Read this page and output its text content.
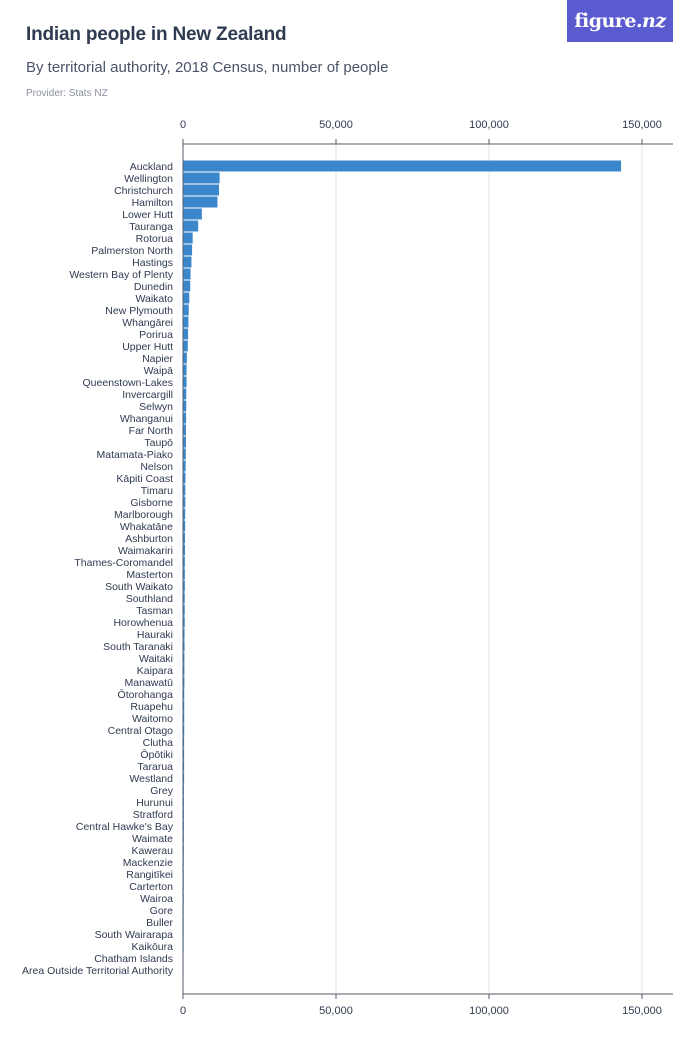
Indian people in New Zealand
By territorial authority, 2018 Census, number of people
Provider: Stats NZ
figure .nz
0
0
50,000
50,000
100,000
100,000
150,000
150,000
Auckland
Wellington
Christchurch
Hamilton
Lower Hutt
Tauranga
Rotorua
Palmerston North
Hastings
Western Bay of Plenty
Dunedin
Waikato
New Plymouth
Whangārei
Porirua
Upper Hutt
Napier
Waipā
Queenstown-Lakes
Invercargill
Selwyn
Whanganui
Far North
Taupō
Matamata-Piako
Nelson
Kāpiti Coast
Timaru
Gisborne
Marlborough
Whakatāne
Ashburton
Waimakariri
Thames-Coromandel
Masterton
South Waikato
Southland
Tasman
Horowhenua
Hauraki
South Taranaki
Waitaki
Kaipara
Manawatū
Ōtorohanga
Ruapehu
Waitomo
Central Otago
Clutha
Ōpōtiki
Tararua
Westland
Grey
Hurunui
Stratford
Central Hawke's Bay
Waimate
Kawerau
Mackenzie
Rangitīkei
Carterton
Wairoa
Gore
Buller
South Wairarapa
Kaikōura
Chatham Islands
Area Outside Territorial Authority
